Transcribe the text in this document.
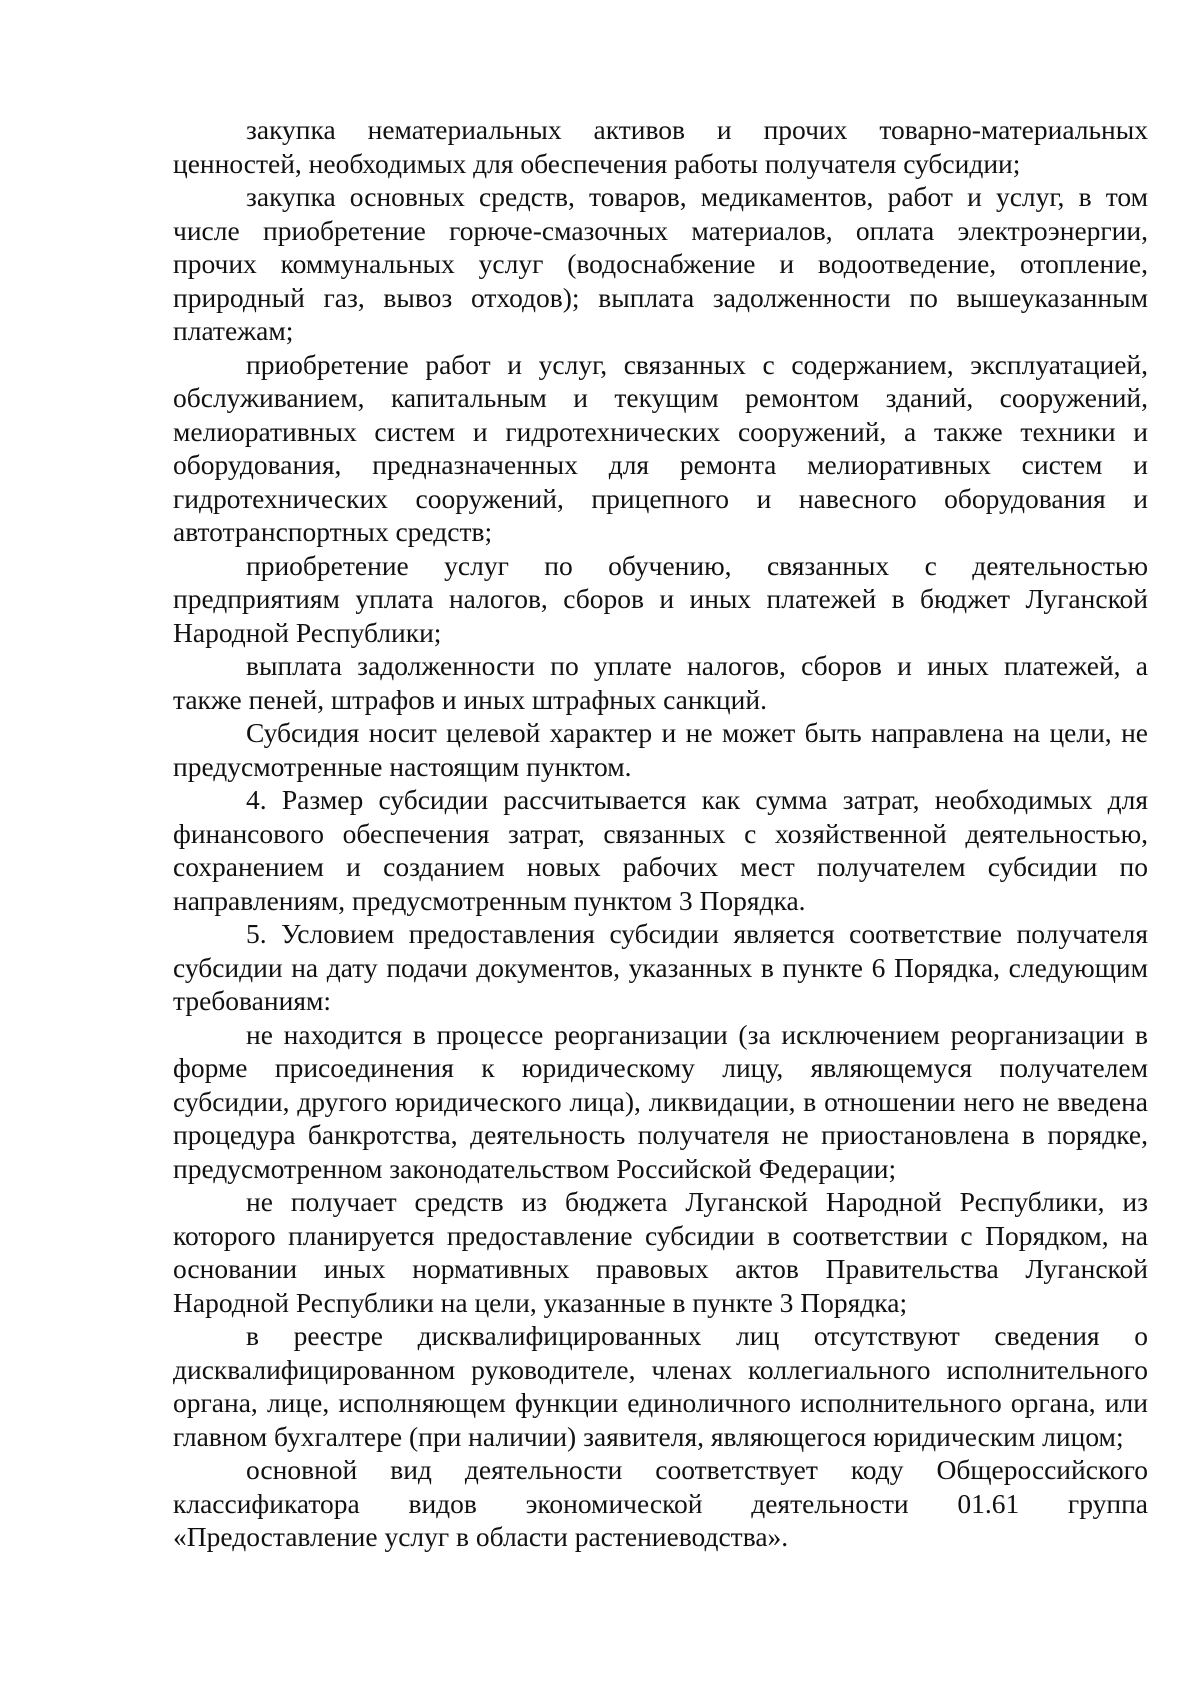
закупка нематериальных активов и прочих товарно-материальных ценностей, необходимых для обеспечения работы получателя субсидии;

закупка основных средств, товаров, медикаментов, работ и услуг, в том числе приобретение горюче-смазочных материалов, оплата электроэнергии, прочих коммунальных услуг (водоснабжение и водоотведение, отопление, природный газ, вывоз отходов); выплата задолженности по вышеуказанным платежам;

приобретение работ и услуг, связанных с содержанием, эксплуатацией, обслуживанием, капитальным и текущим ремонтом зданий, сооружений, мелиоративных систем и гидротехнических сооружений, а также техники и оборудования, предназначенных для ремонта мелиоративных систем и гидротехнических сооружений, прицепного и навесного оборудования и автотранспортных средств;

приобретение услуг по обучению, связанных с деятельностью предприятиям уплата налогов, сборов и иных платежей в бюджет Луганской Народной Республики;

выплата задолженности по уплате налогов, сборов и иных платежей, а также пеней, штрафов и иных штрафных санкций.

Субсидия носит целевой характер и не может быть направлена на цели, не предусмотренные настоящим пунктом.

4. Размер субсидии рассчитывается как сумма затрат, необходимых для финансового обеспечения затрат, связанных с хозяйственной деятельностью, сохранением и созданием новых рабочих мест получателем субсидии по направлениям, предусмотренным пунктом 3 Порядка.

5. Условием предоставления субсидии является соответствие получателя субсидии на дату подачи документов, указанных в пункте 6 Порядка, следующим требованиям:

не находится в процессе реорганизации (за исключением реорганизации в форме присоединения к юридическому лицу, являющемуся получателем субсидии, другого юридического лица), ликвидации, в отношении него не введена процедура банкротства, деятельность получателя не приостановлена в порядке, предусмотренном законодательством Российской Федерации;

не получает средств из бюджета Луганской Народной Республики, из которого планируется предоставление субсидии в соответствии с Порядком, на основании иных нормативных правовых актов Правительства Луганской Народной Республики на цели, указанные в пункте 3 Порядка;

в реестре дисквалифицированных лиц отсутствуют сведения о дисквалифицированном руководителе, членах коллегиального исполнительного органа, лице, исполняющем функции единоличного исполнительного органа, или главном бухгалтере (при наличии) заявителя, являющегося юридическим лицом;

основной вид деятельности соответствует коду Общероссийского классификатора видов экономической деятельности 01.61 группа «Предоставление услуг в области растениеводства».
